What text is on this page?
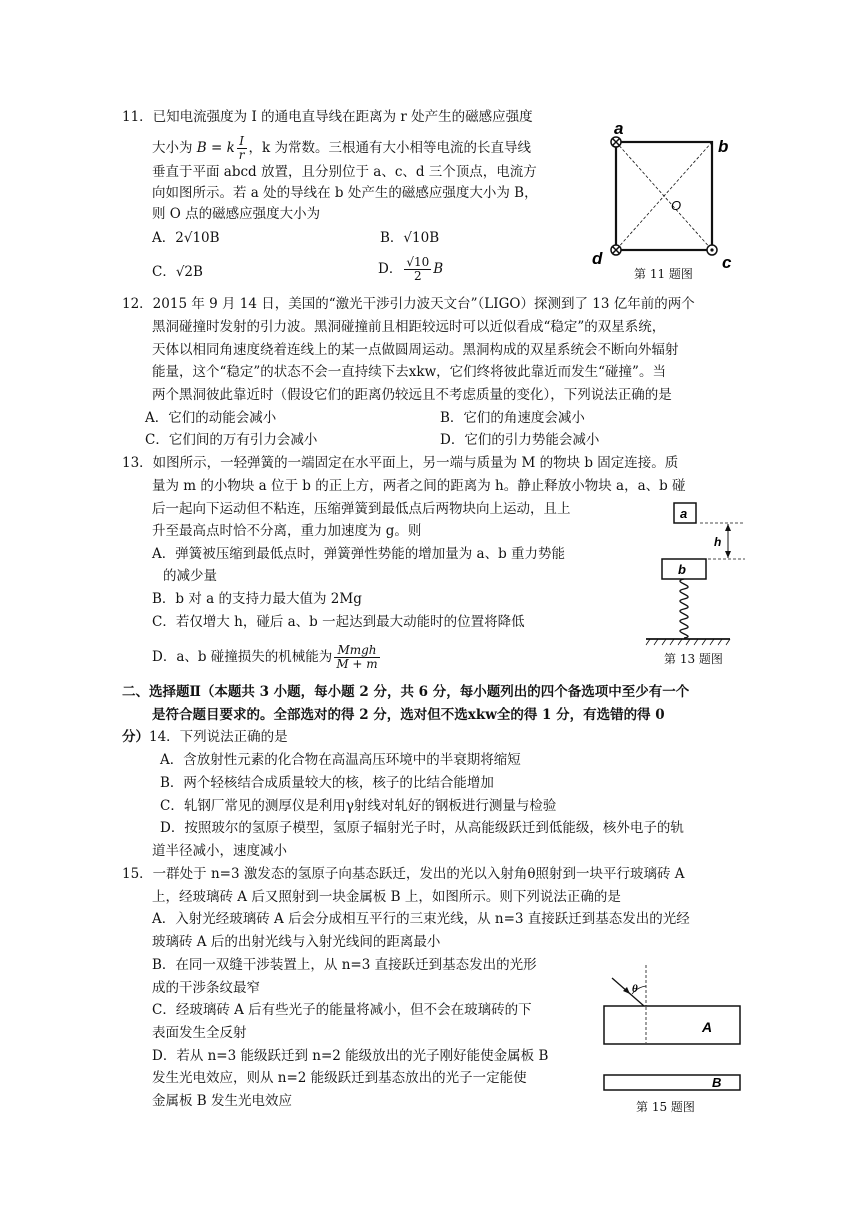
11．已知电流强度为 I 的通电直导线在距离为 r 处产生的磁感应强度
大小为 B = k $\frac{I}{r}$ ，k 为常数。三根通有大小相等电流的长直导线
垂直于平面 abcd 放置，且分别位于 a、c、d 三个顶点，电流方
向如图所示。若 a 处的导线在 b 处产生的磁感应强度大小为 B，
则 O 点的磁感应强度大小为
A．2√10B	B．√10B
C．√2B	D． $\frac{√10}{2}$ B
a
b
c
d
O
第 11 题图
12．2015 年 9 月 14 日，美国的“激光干涉引力波天文台”（LIGO）探测到了 13 亿年前的两个
黑洞碰撞时发射的引力波。黑洞碰撞前且相距较远时可以近似看成“稳定”的双星系统，
天体以相同角速度绕着连线上的某一点做圆周运动。黑洞构成的双星系统会不断向外辐射
能量，这个“稳定”的状态不会一直持续下去xkw，它们终将彼此靠近而发生“碰撞”。当
两个黑洞彼此靠近时（假设它们的距离仍较远且不考虑质量的变化），下列说法正确的是
A．它们的动能会减小	B．它们的角速度会减小
C．它们间的万有引力会减小	D．它们的引力势能会减小
13．如图所示，一轻弹簧的一端固定在水平面上，另一端与质量为 M 的物块 b 固定连接。质
量为 m 的小物块 a 位于 b 的正上方，两者之间的距离为 h。静止释放小物块 a，a、b 碰
后一起向下运动但不粘连，压缩弹簧到最低点后两物块向上运动，且上
升至最高点时恰不分离，重力加速度为 g。则
A．弹簧被压缩到最低点时，弹簧弹性势能的增加量为 a、b 重力势能
的减少量
B．b 对 a 的支持力最大值为 2Mg
C．若仅增大 h，碰后 a、b 一起达到最大动能时的位置将降低
D．a、b 碰撞损失的机械能为 $\frac{\text{Mmgh}}{M + m}$
a
h
b
第 13 题图
二、选择题Ⅱ（本题共 3 小题，每小题 2 分，共 6 分，每小题列出的四个备选项中至少有一个
是符合题目要求的。全部选对的得 2 分，选对但不选xkw全的得 1 分，有选错的得 0
分）14．下列说法正确的是
A．含放射性元素的化合物在高温高压环境中的半衰期将缩短
B．两个轻核结合成质量较大的核，核子的比结合能增加
C．轧钢厂常见的测厚仪是利用γ射线对轧好的钢板进行测量与检验
D．按照玻尔的氢原子模型，氢原子辐射光子时，从高能级跃迁到低能级，核外电子的轨
道半径减小，速度减小
15．一群处于 n=3 激发态的氢原子向基态跃迁，发出的光以入射角θ照射到一块平行玻璃砖 A
上，经玻璃砖 A 后又照射到一块金属板 B 上，如图所示。则下列说法正确的是
A．入射光经玻璃砖 A 后会分成相互平行的三束光线，从 n=3 直接跃迁到基态发出的光经
玻璃砖 A 后的出射光线与入射光线间的距离最小
B．在同一双缝干涉装置上，从 n=3 直接跃迁到基态发出的光形
成的干涉条纹最窄
C．经玻璃砖 A 后有些光子的能量将减小，但不会在玻璃砖的下
表面发生全反射
D．若从 n=3 能级跃迁到 n=2 能级放出的光子刚好能使金属板 B
发生光电效应，则从 n=2 能级跃迁到基态放出的光子一定能使
金属板 B 发生光电效应
θ
A
B
第 15 题图
